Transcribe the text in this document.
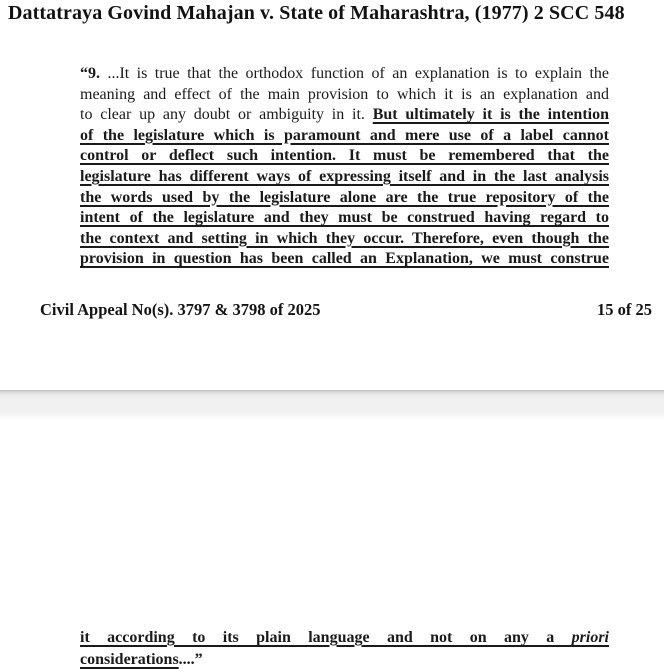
Dattatraya Govind Mahajan v. State of Maharashtra, (1977) 2 SCC 548
“9. ...It is true that the orthodox function of an explanation is to explain the
meaning and effect of the main provision to which it is an explanation and
to clear up any doubt or ambiguity in it. But ultimately it is the intention
of the legislature which is paramount and mere use of a label cannot
control or deflect such intention. It must be remembered that the
legislature has different ways of expressing itself and in the last analysis
the words used by the legislature alone are the true repository of the
intent of the legislature and they must be construed having regard to
the context and setting in which they occur. Therefore, even though the
provision in question has been called an Explanation, we must construe
Civil Appeal No(s). 3797 & 3798 of 2025	15 of 25
it according to its plain language and not on any a priori
considerations....”
